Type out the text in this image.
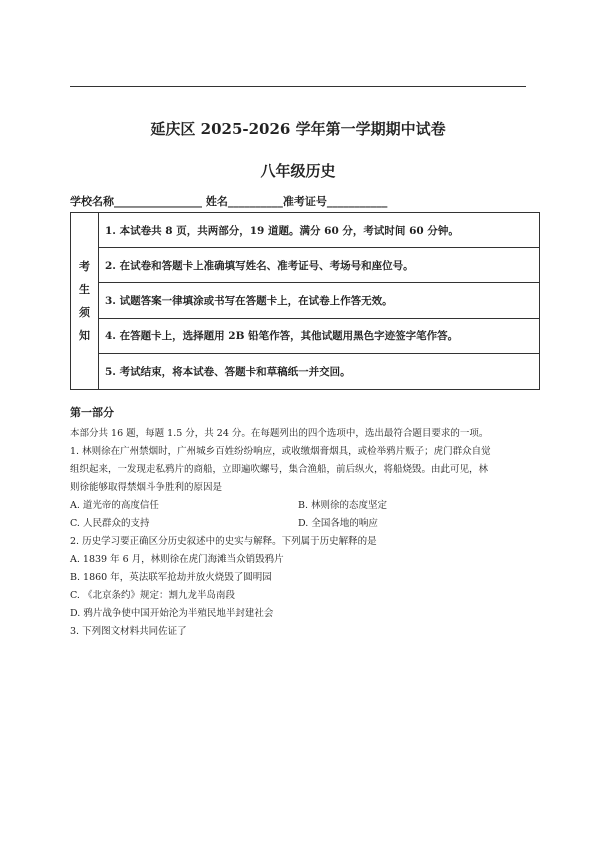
延庆区 2025-2026 学年第一学期期中试卷
八年级历史
学校名称________________ 姓名__________准考证号___________
考
生
须
知
1. 本试卷共 8 页，共两部分，19 道题。满分 60 分，考试时间 60 分钟。
2. 在试卷和答题卡上准确填写姓名、准考证号、考场号和座位号。
3. 试题答案一律填涂或书写在答题卡上，在试卷上作答无效。
4. 在答题卡上，选择题用 2B 铅笔作答，其他试题用黑色字迹签字笔作答。
5. 考试结束，将本试卷、答题卡和草稿纸一并交回。
第一部分

本部分共 16 题，每题 1.5 分，共 24 分。在每题列出的四个选项中，选出最符合题目要求的一项。

1. 林则徐在广州禁烟时，广州城乡百姓纷纷响应，或收缴烟膏烟具，或检举鸦片贩子；虎门群众自觉

组织起来，一发现走私鸦片的商船，立即遍吹螺号，集合渔船，前后纵火，将船烧毁。由此可见，林

则徐能够取得禁烟斗争胜利的原因是

A. 道光帝的高度信任	B. 林则徐的态度坚定
C. 人民群众的支持	D. 全国各地的响应

2. 历史学习要正确区分历史叙述中的史实与解释。下列属于历史解释的是

A. 1839 年 6 月，林则徐在虎门海滩当众销毁鸦片

B. 1860 年，英法联军抢劫并放火烧毁了圆明园

C. 《北京条约》规定：割九龙半岛南段

D. 鸦片战争使中国开始沦为半殖民地半封建社会

3. 下列图文材料共同佐证了
